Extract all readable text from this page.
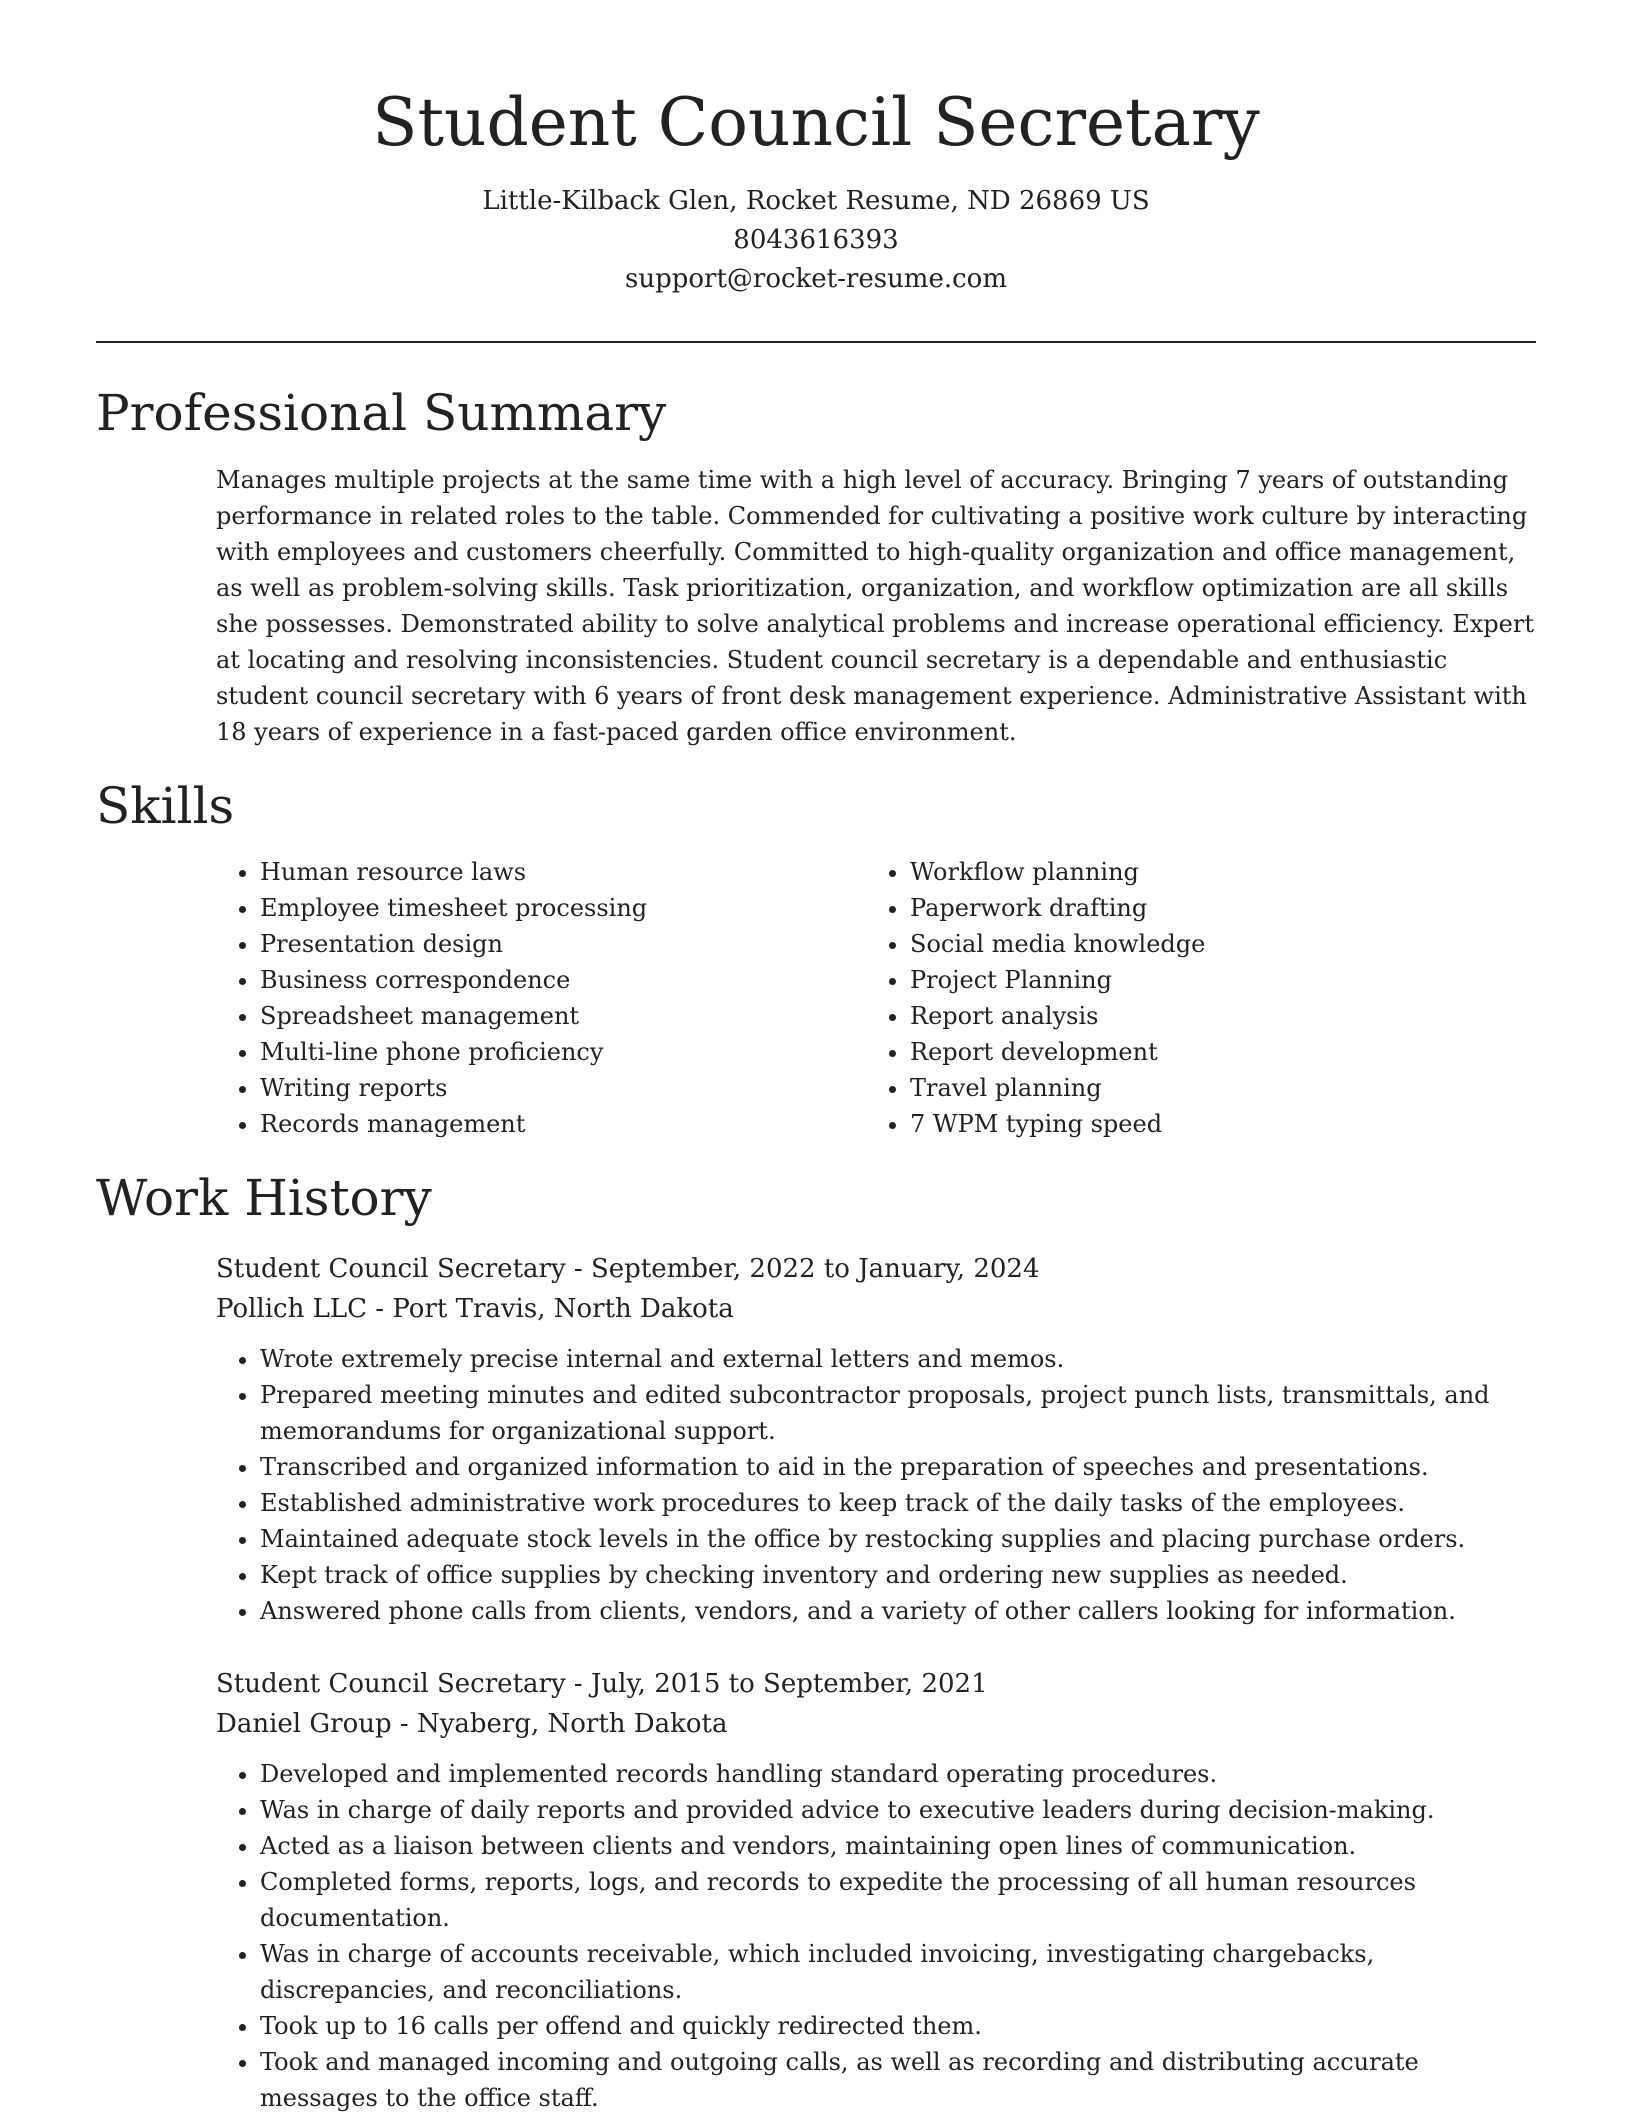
Student Council Secretary

Little-Kilback Glen, Rocket Resume, ND 26869 US

8043616393

support@rocket-resume.com

Professional Summary

Manages multiple projects at the same time with a high level of accuracy. Bringing 7 years of outstanding performance in related roles to the table. Commended for cultivating a positive work culture by interacting with employees and customers cheerfully. Committed to high-quality organization and office management, as well as problem-solving skills. Task prioritization, organization, and workflow optimization are all skills she possesses. Demonstrated ability to solve analytical problems and increase operational efficiency. Expert at locating and resolving inconsistencies. Student council secretary is a dependable and enthusiastic student council secretary with 6 years of front desk management experience. Administrative Assistant with 18 years of experience in a fast-paced garden office environment.

Skills
• Human resource laws
• Employee timesheet processing
• Presentation design
• Business correspondence
• Spreadsheet management
• Multi-line phone proficiency
• Writing reports
• Records management
• Workflow planning
• Paperwork drafting
• Social media knowledge
• Project Planning
• Report analysis
• Report development
• Travel planning
• 7 WPM typing speed
Work History

Student Council Secretary - September, 2022 to January, 2024

Pollich LLC - Port Travis, North Dakota

• Wrote extremely precise internal and external letters and memos.
• Prepared meeting minutes and edited subcontractor proposals, project punch lists, transmittals, and memorandums for organizational support.
• Transcribed and organized information to aid in the preparation of speeches and presentations.
• Established administrative work procedures to keep track of the daily tasks of the employees.
• Maintained adequate stock levels in the office by restocking supplies and placing purchase orders.
• Kept track of office supplies by checking inventory and ordering new supplies as needed.
• Answered phone calls from clients, vendors, and a variety of other callers looking for information.

Student Council Secretary - July, 2015 to September, 2021

Daniel Group - Nyaberg, North Dakota

• Developed and implemented records handling standard operating procedures.
• Was in charge of daily reports and provided advice to executive leaders during decision-making.
• Acted as a liaison between clients and vendors, maintaining open lines of communication.
• Completed forms, reports, logs, and records to expedite the processing of all human resources documentation.
• Was in charge of accounts receivable, which included invoicing, investigating chargebacks, discrepancies, and reconciliations.
• Took up to 16 calls per offend and quickly redirected them.
• Took and managed incoming and outgoing calls, as well as recording and distributing accurate messages to the office staff.
